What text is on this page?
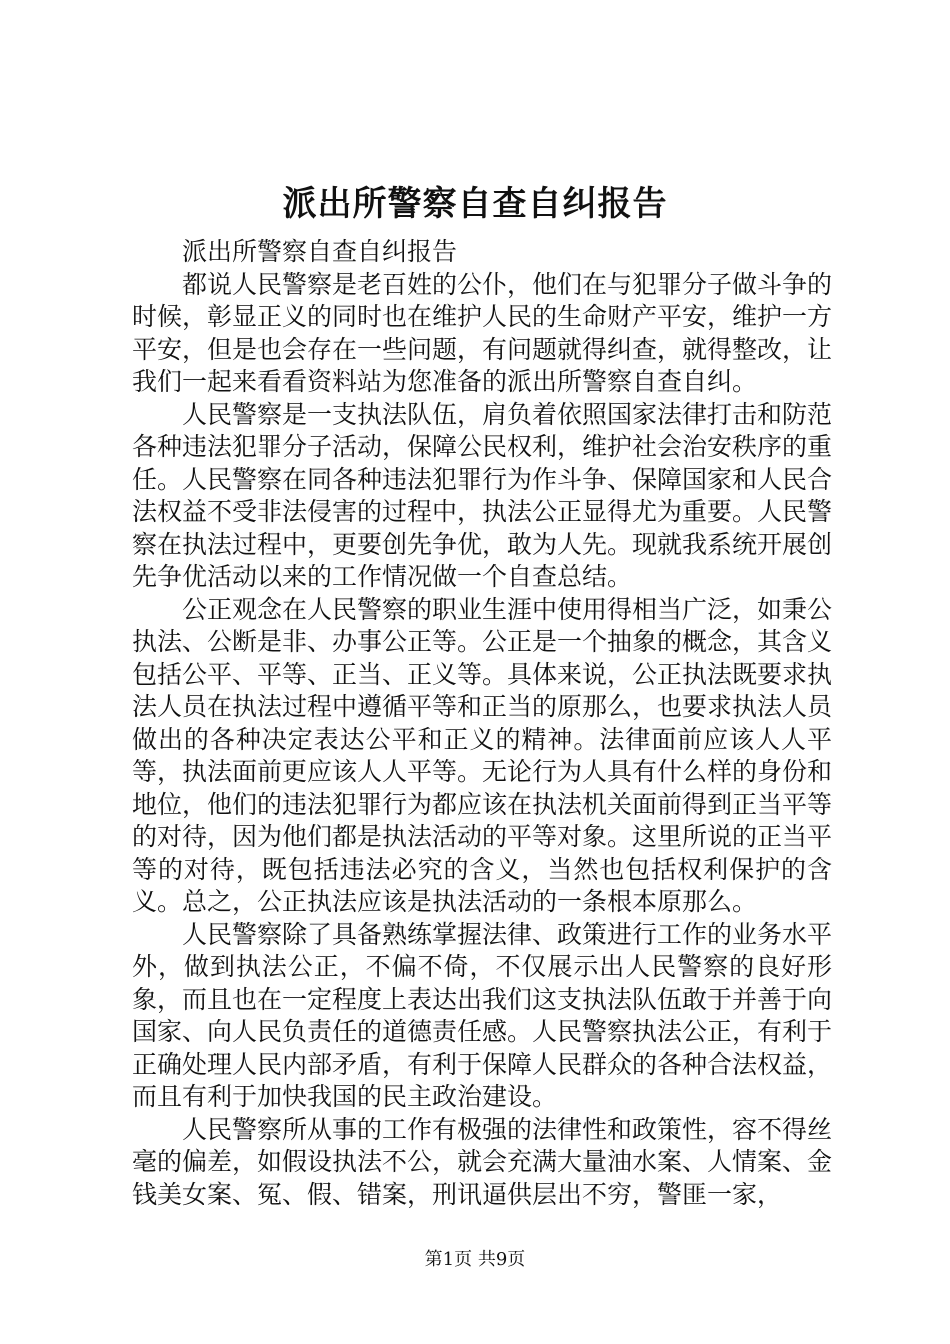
派出所警察自查自纠报告

派出所警察自查自纠报告

都说人民警察是老百姓的公仆，他们在与犯罪分子做斗争的时候，彰显正义的同时也在维护人民的生命财产平安，维护一方平安，但是也会存在一些问题，有问题就得纠查，就得整改，让我们一起来看看资料站为您准备的派出所警察自查自纠。

人民警察是一支执法队伍，肩负着依照国家法律打击和防范各种违法犯罪分子活动，保障公民权利，维护社会治安秩序的重任。人民警察在同各种违法犯罪行为作斗争、保障国家和人民合法权益不受非法侵害的过程中，执法公正显得尤为重要。人民警察在执法过程中，更要创先争优，敢为人先。现就我系统开展创先争优活动以来的工作情况做一个自查总结。

公正观念在人民警察的职业生涯中使用得相当广泛，如秉公执法、公断是非、办事公正等。公正是一个抽象的概念，其含义包括公平、平等、正当、正义等。具体来说，公正执法既要求执法人员在执法过程中遵循平等和正当的原那么，也要求执法人员做出的各种决定表达公平和正义的精神。法律面前应该人人平等，执法面前更应该人人平等。无论行为人具有什么样的身份和地位，他们的违法犯罪行为都应该在执法机关面前得到正当平等的对待，因为他们都是执法活动的平等对象。这里所说的正当平等的对待，既包括违法必究的含义，当然也包括权利保护的含义。总之，公正执法应该是执法活动的一条根本原那么。

人民警察除了具备熟练掌握法律、政策进行工作的业务水平外，做到执法公正，不偏不倚，不仅展示出人民警察的良好形象，而且也在一定程度上表达出我们这支执法队伍敢于并善于向国家、向人民负责任的道德责任感。人民警察执法公正，有利于正确处理人民内部矛盾，有利于保障人民群众的各种合法权益，而且有利于加快我国的民主政治建设。

人民警察所从事的工作有极强的法律性和政策性，容不得丝毫的偏差，如假设执法不公，就会充满大量油水案、人情案、金钱美女案、冤、假、错案，刑讯逼供层出不穷，警匪一家，

第1页 共9页
